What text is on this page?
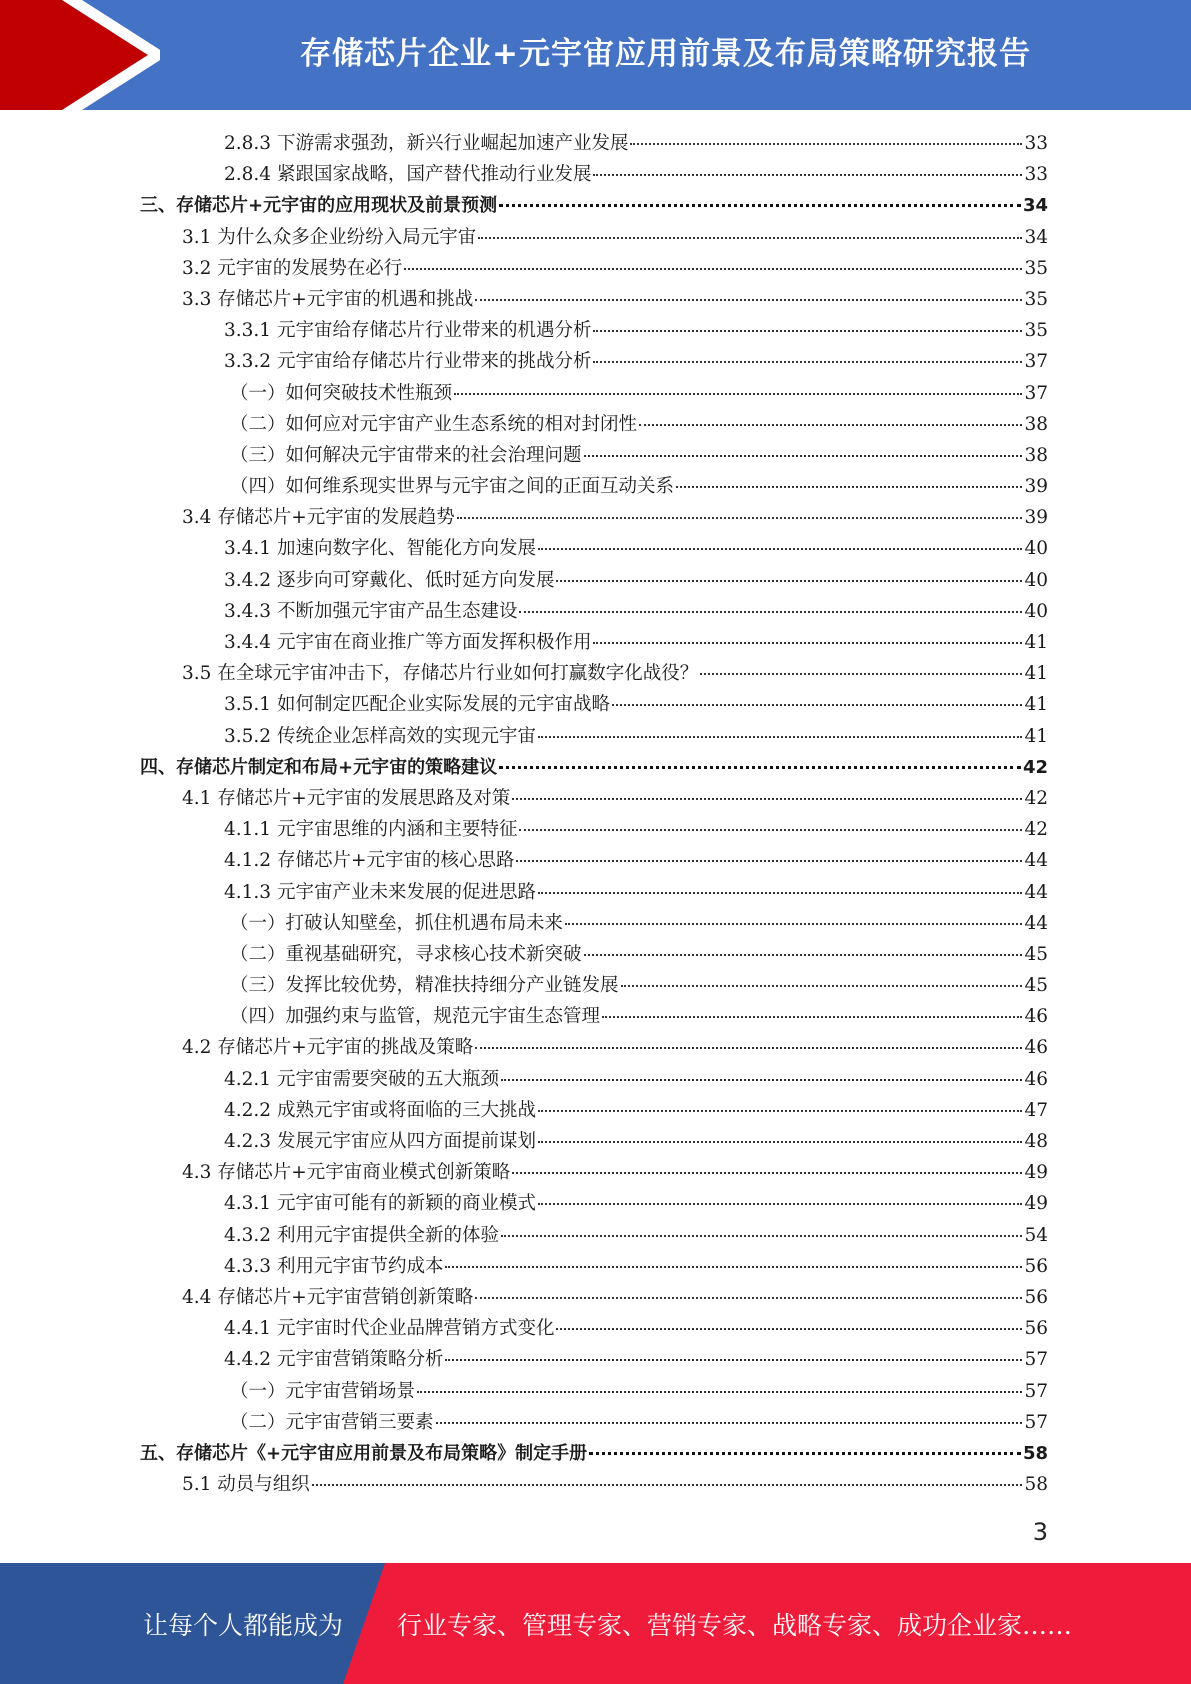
存储芯片企业+元宇宙应用前景及布局策略研究报告
2.8.3 下游需求强劲，新兴行业崛起加速产业发展	33
2.8.4 紧跟国家战略，国产替代推动行业发展	33
三、存储芯片+元宇宙的应用现状及前景预测	34
3.1 为什么众多企业纷纷入局元宇宙	34
3.2 元宇宙的发展势在必行	35
3.3 存储芯片+元宇宙的机遇和挑战	35
3.3.1 元宇宙给存储芯片行业带来的机遇分析	35
3.3.2 元宇宙给存储芯片行业带来的挑战分析	37
（一）如何突破技术性瓶颈	37
（二）如何应对元宇宙产业生态系统的相对封闭性	38
（三）如何解决元宇宙带来的社会治理问题	38
（四）如何维系现实世界与元宇宙之间的正面互动关系	39
3.4 存储芯片+元宇宙的发展趋势	39
3.4.1 加速向数字化、智能化方向发展	40
3.4.2 逐步向可穿戴化、低时延方向发展	40
3.4.3 不断加强元宇宙产品生态建设	40
3.4.4 元宇宙在商业推广等方面发挥积极作用	41
3.5 在全球元宇宙冲击下，存储芯片行业如何打赢数字化战役？	41
3.5.1 如何制定匹配企业实际发展的元宇宙战略	41
3.5.2 传统企业怎样高效的实现元宇宙	41
四、存储芯片制定和布局+元宇宙的策略建议	42
4.1 存储芯片+元宇宙的发展思路及对策	42
4.1.1 元宇宙思维的内涵和主要特征	42
4.1.2 存储芯片+元宇宙的核心思路	44
4.1.3 元宇宙产业未来发展的促进思路	44
（一）打破认知壁垒，抓住机遇布局未来	44
（二）重视基础研究，寻求核心技术新突破	45
（三）发挥比较优势，精准扶持细分产业链发展	45
（四）加强约束与监管，规范元宇宙生态管理	46
4.2 存储芯片+元宇宙的挑战及策略	46
4.2.1 元宇宙需要突破的五大瓶颈	46
4.2.2 成熟元宇宙或将面临的三大挑战	47
4.2.3 发展元宇宙应从四方面提前谋划	48
4.3 存储芯片+元宇宙商业模式创新策略	49
4.3.1 元宇宙可能有的新颖的商业模式	49
4.3.2 利用元宇宙提供全新的体验	54
4.3.3 利用元宇宙节约成本	56
4.4 存储芯片+元宇宙营销创新策略	56
4.4.1 元宇宙时代企业品牌营销方式变化	56
4.4.2 元宇宙营销策略分析	57
（一）元宇宙营销场景	57
（二）元宇宙营销三要素	57
五、存储芯片《+元宇宙应用前景及布局策略》制定手册	58
5.1 动员与组织	58
3
让每个人都能成为 行业专家、管理专家、营销专家、战略专家、成功企业家……
